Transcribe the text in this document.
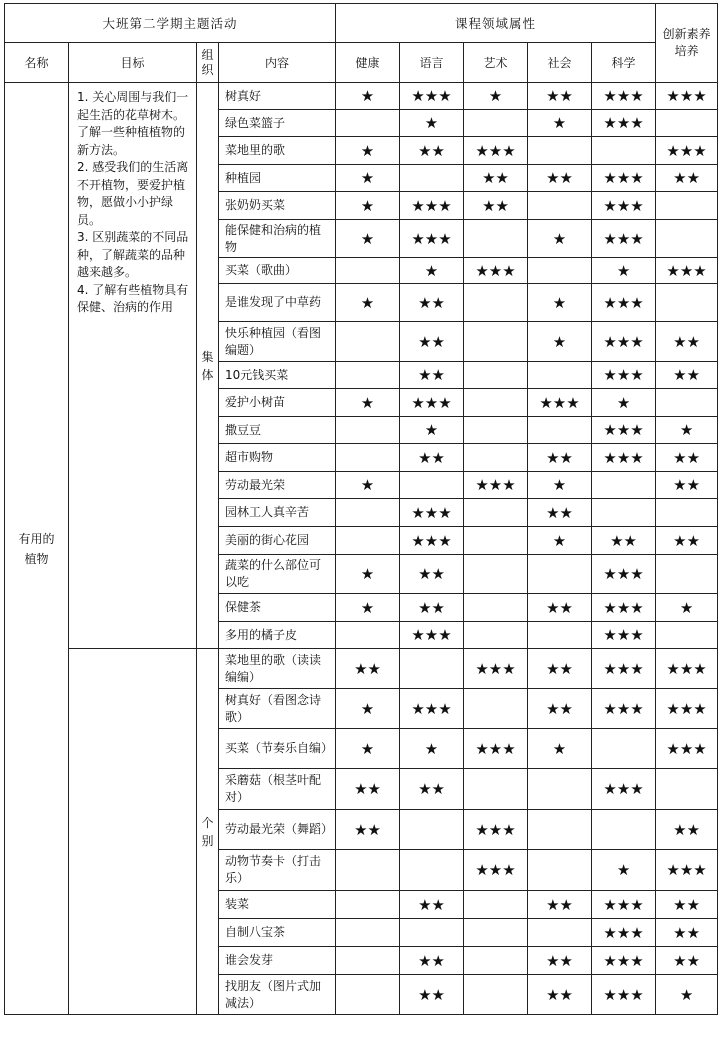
大班第二学期主题活动				课程领域属性					创新素养培养
名称	目标	组织	内容	健康	语言	艺术	社会	科学	
有用的植物	1. 关心周围与我们一起生活的花草树木。了解一些种植植物的新方法。

2. 感受我们的生活离不开植物，要爱护植物，愿做小小护绿员。

3. 区别蔬菜的不同品种，了解蔬菜的品种越来越多。

4. 了解有些植物具有保健、治病的作用	集体	树真好	★	★★★	★	★★	★★★	★★★
			绿色菜篮子		★		★	★★★	
			菜地里的歌	★	★★	★★★			★★★
			种植园	★		★★	★★	★★★	★★
			张奶奶买菜	★	★★★	★★		★★★	
			能保健和治病的植物	★	★★★		★	★★★	
			买菜（歌曲）		★	★★★		★	★★★
			是谁发现了中草药	★	★★		★	★★★	
			快乐种植园（看图编题）		★★		★	★★★	★★
			10元钱买菜		★★			★★★	★★
			爱护小树苗	★	★★★		★★★	★	
			撒豆豆		★			★★★	★
			超市购物		★★		★★	★★★	★★
			劳动最光荣	★		★★★	★		★★
			园林工人真辛苦		★★★		★★		
			美丽的街心花园		★★★		★	★★	★★
			蔬菜的什么部位可以吃	★	★★			★★★	
			保健茶	★	★★		★★	★★★	★
			多用的橘子皮		★★★			★★★	
		个别	菜地里的歌（读读编编）	★★		★★★	★★	★★★	★★★
			树真好（看图念诗歌）	★	★★★		★★	★★★	★★★
			买菜（节奏乐自编）	★	★	★★★	★		★★★
			采蘑菇（根茎叶配对）	★★	★★			★★★	
			劳动最光荣（舞蹈）	★★		★★★			★★
			动物节奏卡（打击乐）			★★★		★	★★★
			装菜		★★		★★	★★★	★★
			自制八宝茶					★★★	★★
			谁会发芽		★★		★★	★★★	★★
			找朋友（图片式加减法）		★★		★★	★★★	★
